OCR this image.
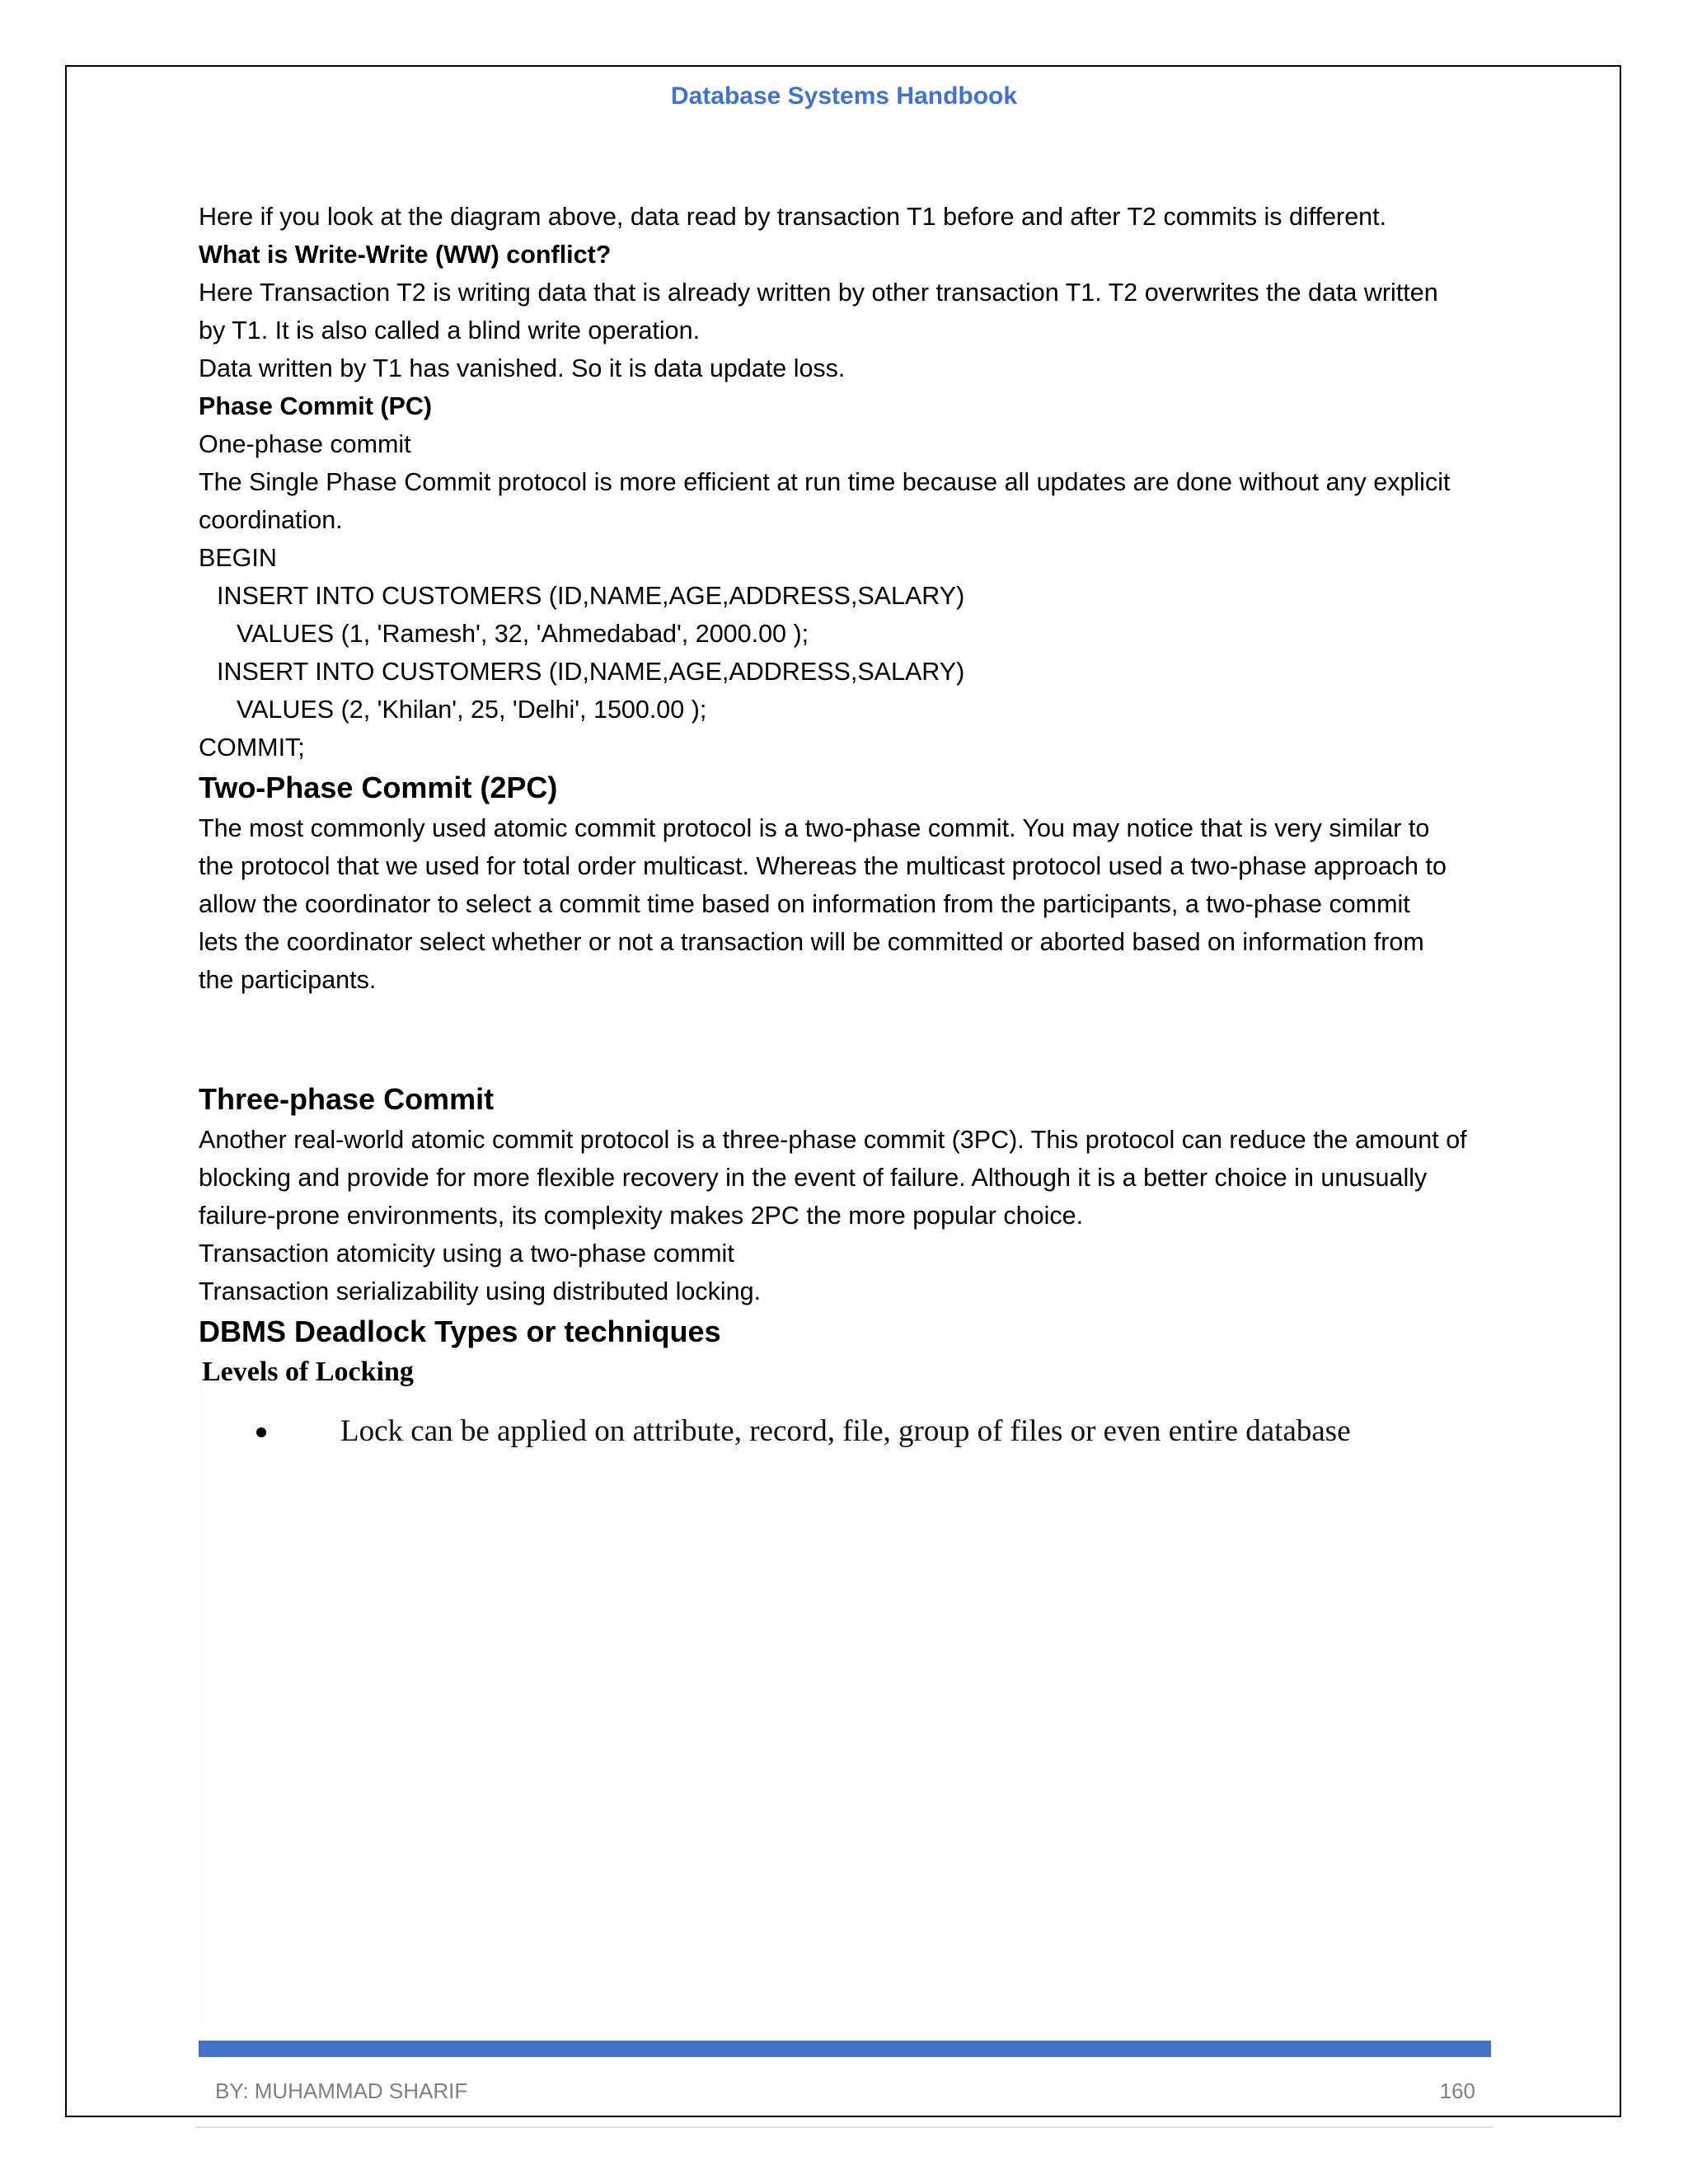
Database Systems Handbook

Here if you look at the diagram above, data read by transaction T1 before and after T2 commits is different.

What is Write-Write (WW) conflict?

Here Transaction T2 is writing data that is already written by other transaction T1. T2 overwrites the data written

by T1. It is also called a blind write operation.

Data written by T1 has vanished. So it is data update loss.

Phase Commit (PC)

One-phase commit

The Single Phase Commit protocol is more efficient at run time because all updates are done without any explicit

coordination.

BEGIN

INSERT INTO CUSTOMERS (ID,NAME,AGE,ADDRESS,SALARY)

VALUES (1, 'Ramesh', 32, 'Ahmedabad', 2000.00 );

INSERT INTO CUSTOMERS (ID,NAME,AGE,ADDRESS,SALARY)

VALUES (2, 'Khilan', 25, 'Delhi', 1500.00 );

COMMIT;

Two-Phase Commit (2PC)

The most commonly used atomic commit protocol is a two-phase commit. You may notice that is very similar to

the protocol that we used for total order multicast. Whereas the multicast protocol used a two-phase approach to

allow the coordinator to select a commit time based on information from the participants, a two-phase commit

lets the coordinator select whether or not a transaction will be committed or aborted based on information from

the participants.

Three-phase Commit

Another real-world atomic commit protocol is a three-phase commit (3PC). This protocol can reduce the amount of

blocking and provide for more flexible recovery in the event of failure. Although it is a better choice in unusually

failure-prone environments, its complexity makes 2PC the more popular choice.

Transaction atomicity using a two-phase commit

Transaction serializability using distributed locking.

DBMS Deadlock Types or techniques

Levels of Locking
Lock can be applied on attribute, record, file, group of files or even entire database
BY: MUHAMMAD SHARIF	160
